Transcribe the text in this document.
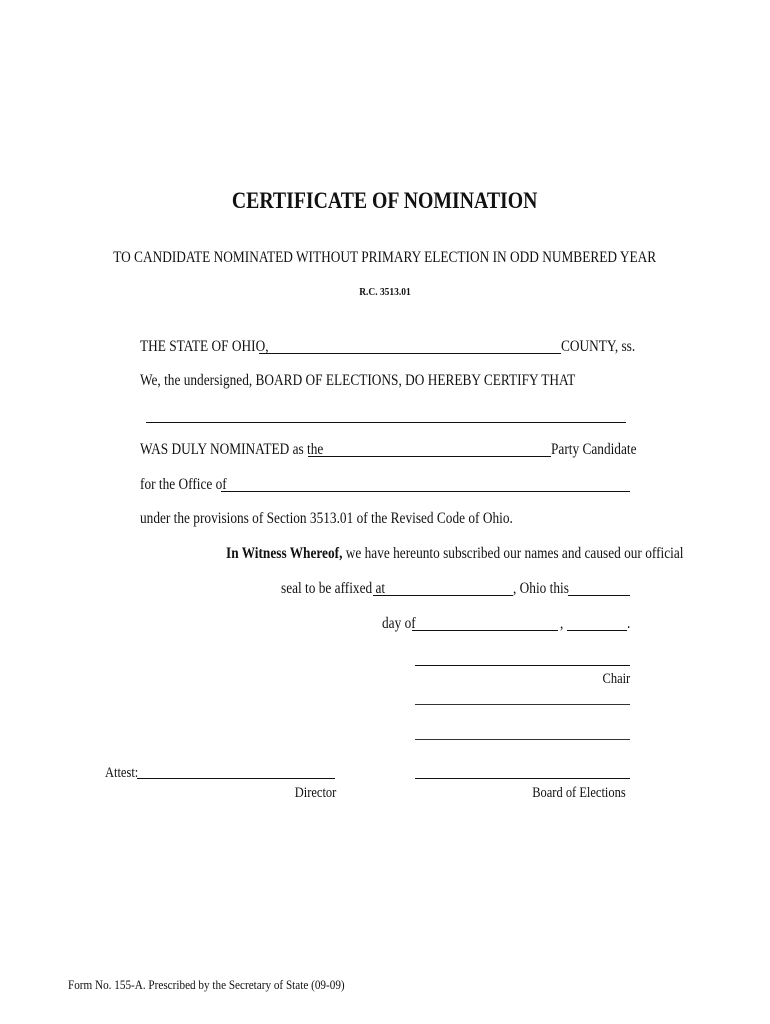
CERTIFICATE OF NOMINATION
TO CANDIDATE NOMINATED WITHOUT PRIMARY ELECTION IN ODD NUMBERED YEAR
R.C. 3513.01
THE STATE OF OHIO,	COUNTY, ss.
We, the undersigned, BOARD OF ELECTIONS, DO HEREBY CERTIFY THAT
WAS DULY NOMINATED as the	Party Candidate
for the Office of
under the provisions of Section 3513.01 of the Revised Code of Ohio.
In Witness Whereof, we have hereunto subscribed our names and caused our official
seal to be affixed at	, Ohio this
day of	,	.
Chair
Attest:
Director	Board of Elections
Form No. 155-A. Prescribed by the Secretary of State (09-09)
